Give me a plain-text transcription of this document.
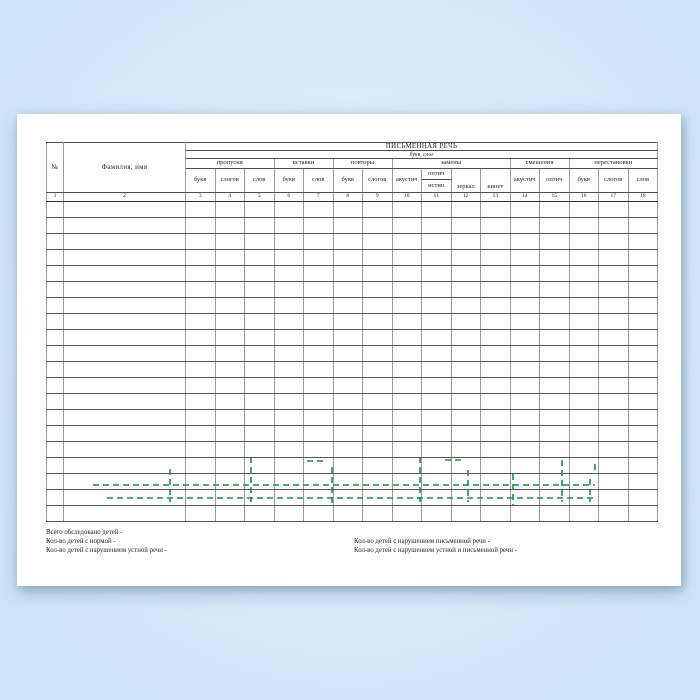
№	Фамилия, имя	ПИСЬМЕННАЯ РЕЧЬ															
		букв, слог															
		пропуски			вставки		повторы		замены				смешения		перестановки		
		букв	слогов	слов	букв	слов	букв	слогов	акустич	оптич	зеркал	кинет	акустич	оптич	букв	слогов	слов
										истин							
1	2	3	4	5	6	7	8	9	10	11	12	13	14	15	16	17	18

Всего обследовано детей -
Кол-во детей с нормой -
Кол-во детей с нарушением устной речи -
Кол-во детей с нарушением письменной речи -
Кол-во детей с нарушением устной и письменной речи -
